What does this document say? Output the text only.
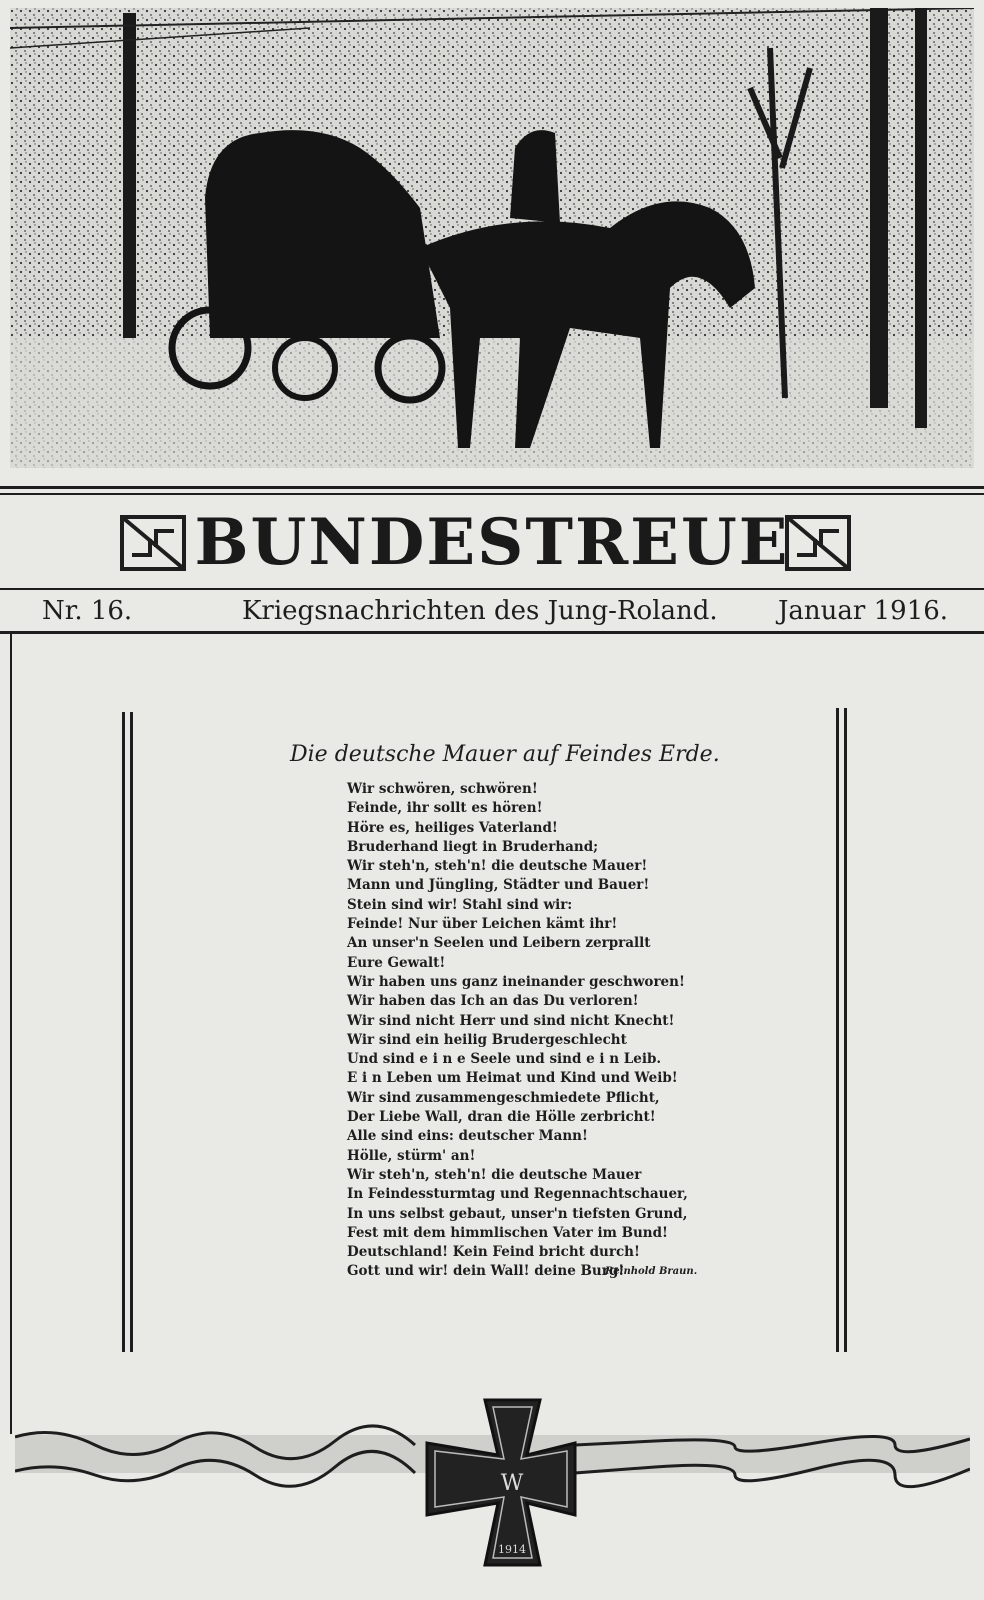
BUNDESTREUE
Nr. 16.	Kriegsnachrichten des Jung-Roland. Januar 1916.
Die deutsche Mauer auf Feindes Erde.
Wir schwören, schwören!
Feinde, ihr sollt es hören!
Höre es, heiliges Vaterland!
Bruderhand liegt in Bruderhand;
Wir steh'n, steh'n! die deutsche Mauer!
Mann und Jüngling, Städter und Bauer!
Stein sind wir! Stahl sind wir:
Feinde! Nur über Leichen kämt ihr!
An unser'n Seelen und Leibern zerprallt
Eure Gewalt!
Wir haben uns ganz ineinander geschworen!
Wir haben das Ich an das Du verloren!
Wir sind nicht Herr und sind nicht Knecht!
Wir sind ein heilig Brudergeschlecht
Und sind e i n e Seele und sind e i n Leib.
E i n Leben um Heimat und Kind und Weib!
Wir sind zusammengeschmiedete Pflicht,
Der Liebe Wall, dran die Hölle zerbricht!
Alle sind eins: deutscher Mann!
Hölle, stürm' an!
Wir steh'n, steh'n! die deutsche Mauer
In Feindessturmtag und Regennachtschauer,
In uns selbst gebaut, unser'n tiefsten Grund,
Fest mit dem himmlischen Vater im Bund!
Deutschland! Kein Feind bricht durch!
Gott und wir! dein Wall! deine Burg!
Reinhold Braun.
W
1914
